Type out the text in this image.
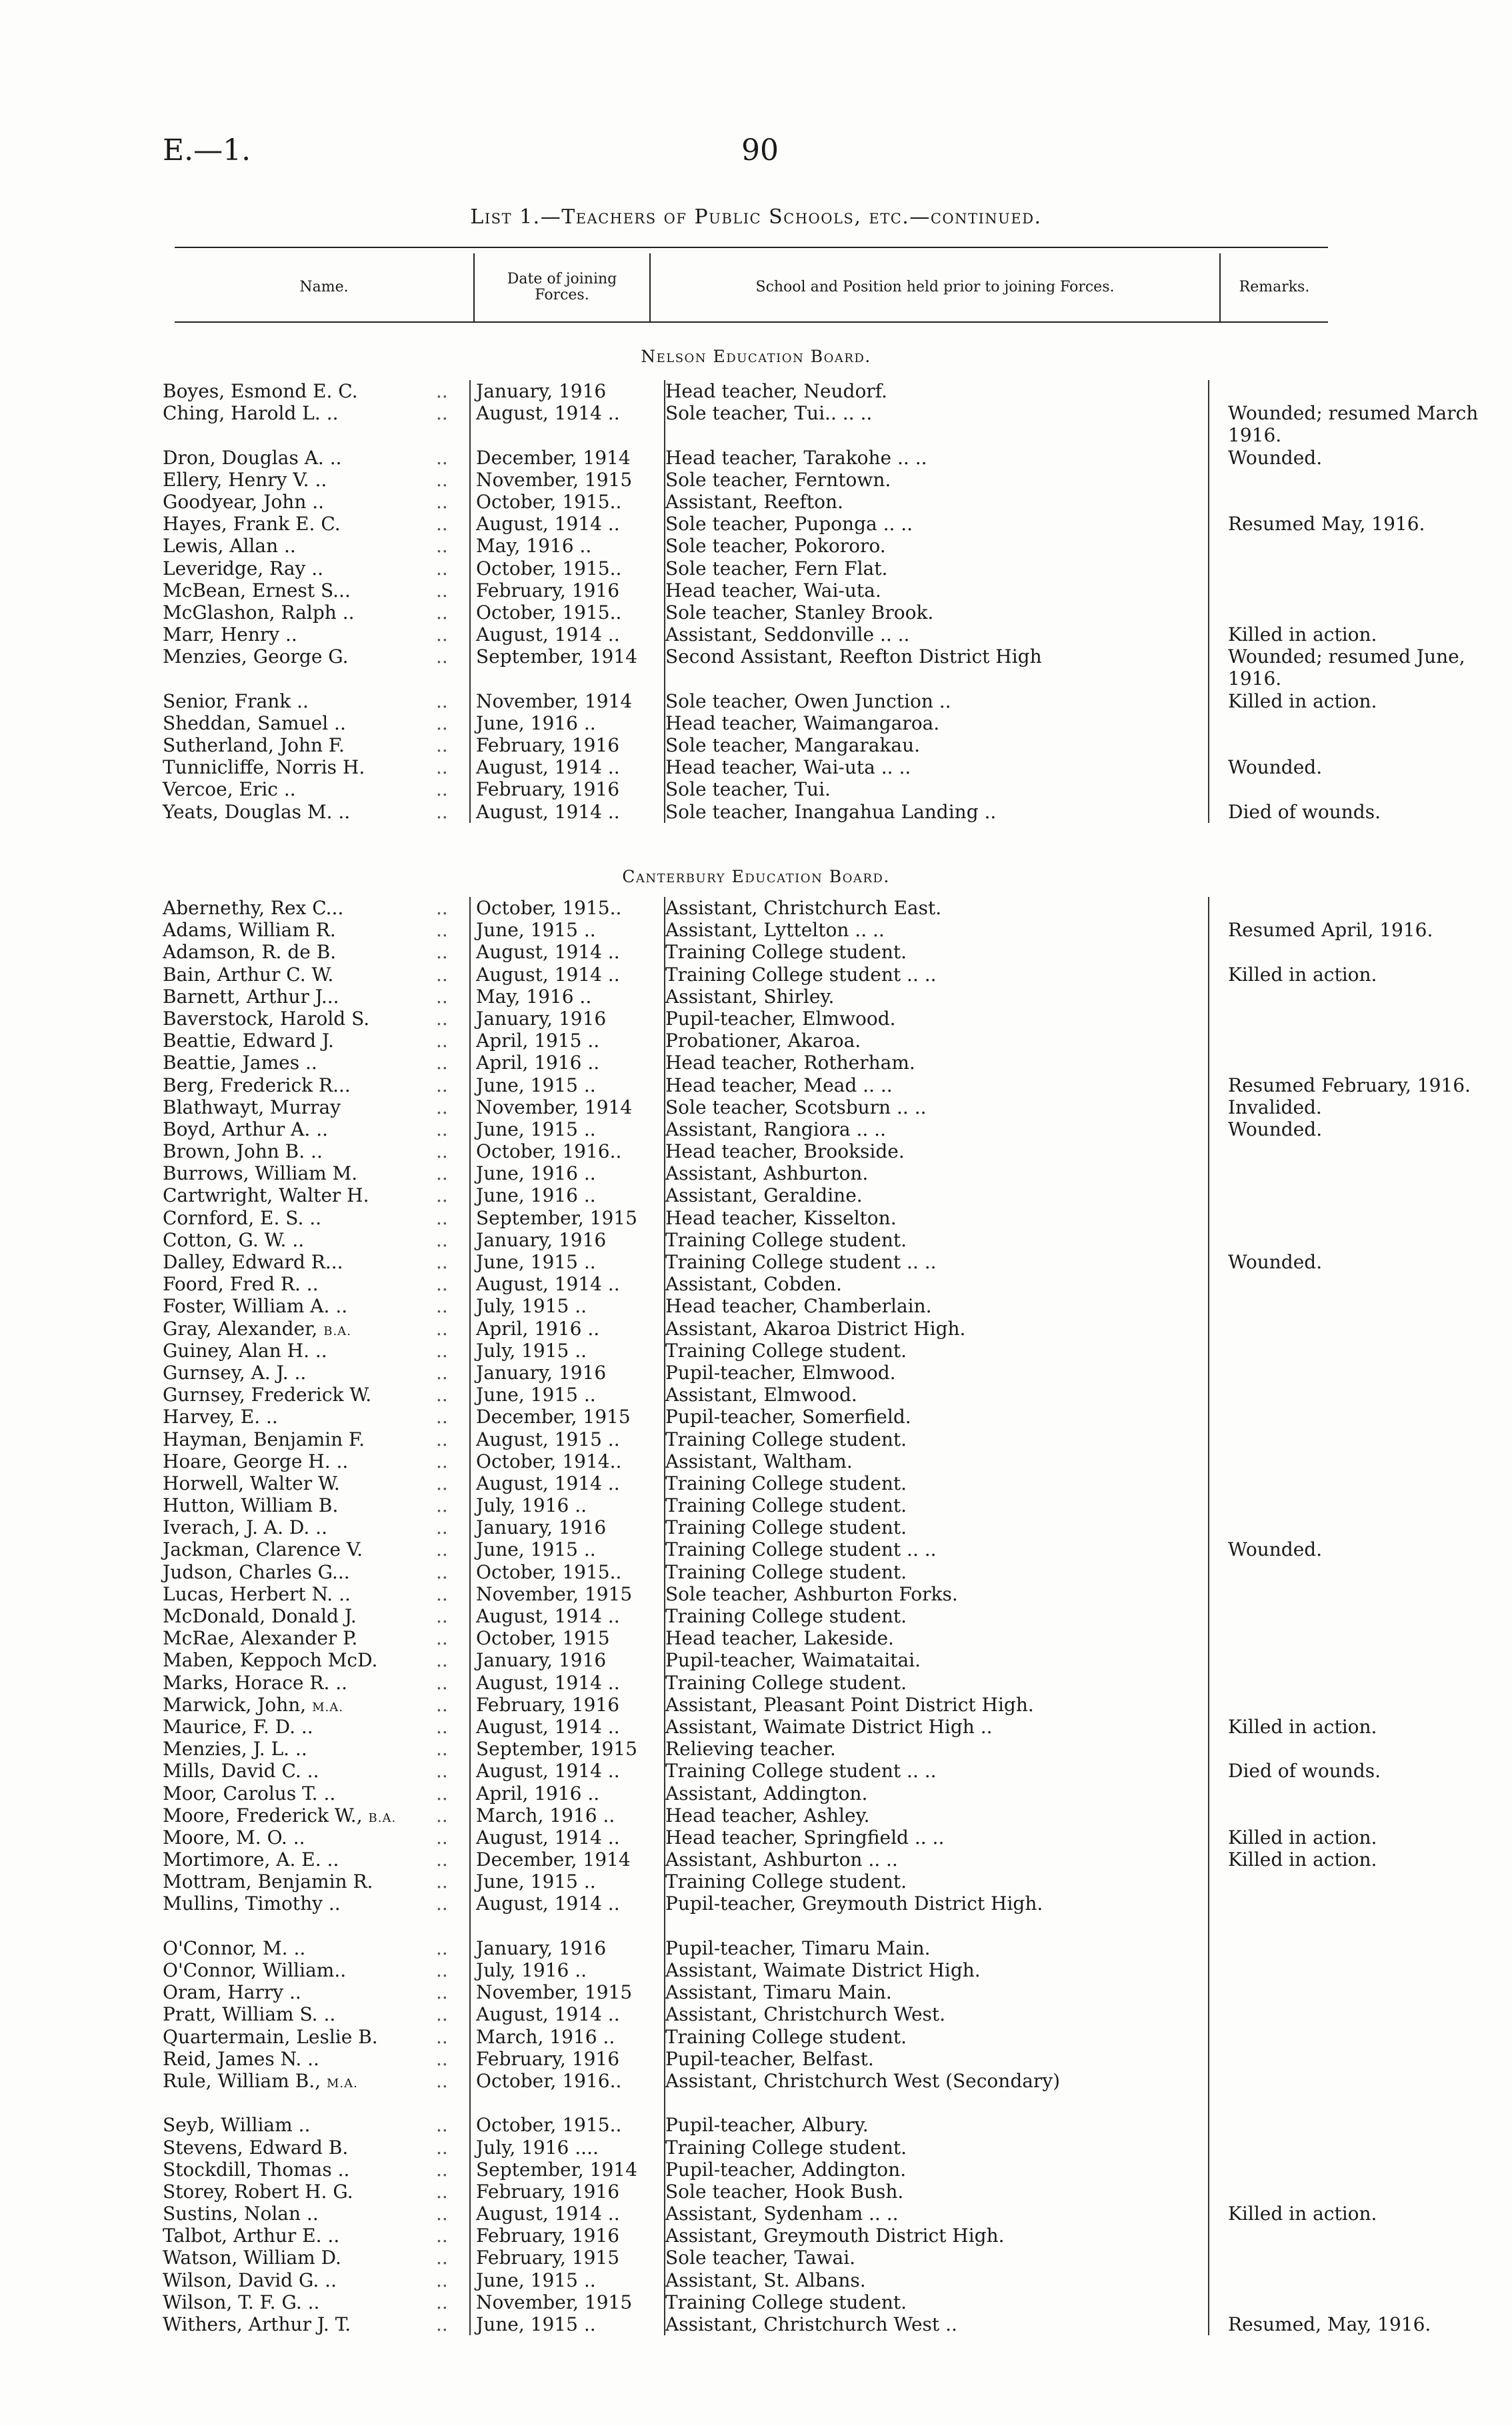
E.—1.	90
List 1.—Teachers of Public Schools, etc.—continued.
Name.	Date of joining Forces.	School and Position held prior to joining Forces.	Remarks.
Nelson Education Board.
Boyes, Esmond E. C.	..	January, 1916	Head teacher, Neudorf.
Ching, Harold L. ..	..	August, 1914 ..	Sole teacher, Tui.. .. ..	Wounded; resumed March 1916.
Dron, Douglas A. ..	..	December, 1914 Head teacher, Tarakohe .. ..	Wounded.
Ellery, Henry V. ..	..	November, 1915 Sole teacher, Ferntown.
Goodyear, John ..	..	October, 1915..	Assistant, Reefton.
Hayes, Frank E. C.	..	August, 1914 ..	Sole teacher, Puponga .. ..	Resumed May, 1916.
Lewis, Allan ..	..	May, 1916 ..	Sole teacher, Pokororo.
Leveridge, Ray ..	..	October, 1915..	Sole teacher, Fern Flat.
McBean, Ernest S...	..	February, 1916	Head teacher, Wai-uta.
McGlashon, Ralph ..	..	October, 1915..	Sole teacher, Stanley Brook.
Marr, Henry ..	..	August, 1914 ..	Assistant, Seddonville .. ..	Killed in action.
Menzies, George G.	..	September, 1914 Second Assistant, Reefton District High	Wounded; resumed June, 1916.
Senior, Frank ..	..	November, 1914 Sole teacher, Owen Junction ..	Killed in action.
Sheddan, Samuel ..	..	June, 1916 ..	Head teacher, Waimangaroa.
Sutherland, John F.	..	February, 1916	Sole teacher, Mangarakau.
Tunnicliffe, Norris H.	..	August, 1914 ..	Head teacher, Wai-uta .. ..	Wounded.
Vercoe, Eric ..	..	February, 1916	Sole teacher, Tui.
Yeats, Douglas M. ..	..	August, 1914 ..	Sole teacher, Inangahua Landing ..	Died of wounds.
Canterbury Education Board.
Abernethy, Rex C...	..	October, 1915..	Assistant, Christchurch East.
Adams, William R.	..	June, 1915 ..	Assistant, Lyttelton .. ..	Resumed April, 1916.
Adamson, R. de B.	..	August, 1914 ..	Training College student.
Bain, Arthur C. W.	..	August, 1914 ..	Training College student .. ..	Killed in action.
Barnett, Arthur J...	..	May, 1916 ..	Assistant, Shirley.
Baverstock, Harold S.	..	January, 1916	Pupil-teacher, Elmwood.
Beattie, Edward J.	..	April, 1915 ..	Probationer, Akaroa.
Beattie, James ..	..	April, 1916 ..	Head teacher, Rotherham.
Berg, Frederick R...	..	June, 1915 ..	Head teacher, Mead .. ..	Resumed February, 1916.
Blathwayt, Murray	..	November, 1914 Sole teacher, Scotsburn .. ..	Invalided.
Boyd, Arthur A. ..	..	June, 1915 ..	Assistant, Rangiora .. ..	Wounded.
Brown, John B. ..	..	October, 1916..	Head teacher, Brookside.
Burrows, William M.	..	June, 1916 ..	Assistant, Ashburton.
Cartwright, Walter H.	..	June, 1916 ..	Assistant, Geraldine.
Cornford, E. S. ..	..	September, 1915 Head teacher, Kisselton.
Cotton, G. W. ..	..	January, 1916	Training College student.
Dalley, Edward R...	..	June, 1915 ..	Training College student .. ..	Wounded.
Foord, Fred R. ..	..	August, 1914 ..	Assistant, Cobden.
Foster, William A. ..	..	July, 1915 ..	Head teacher, Chamberlain.
Gray, Alexander, B.A.	..	April, 1916 ..	Assistant, Akaroa District High.
Guiney, Alan H. ..	..	July, 1915 ..	Training College student.
Gurnsey, A. J. ..	..	January, 1916	Pupil-teacher, Elmwood.
Gurnsey, Frederick W.	..	June, 1915 ..	Assistant, Elmwood.
Harvey, E. ..	..	December, 1915 Pupil-teacher, Somerfield.
Hayman, Benjamin F.	..	August, 1915 ..	Training College student.
Hoare, George H. ..	..	October, 1914..	Assistant, Waltham.
Horwell, Walter W.	..	August, 1914 ..	Training College student.
Hutton, William B.	..	July, 1916 ..	Training College student.
Iverach, J. A. D. ..	..	January, 1916	Training College student.
Jackman, Clarence V.	..	June, 1915 ..	Training College student .. ..	Wounded.
Judson, Charles G...	..	October, 1915..	Training College student.
Lucas, Herbert N. ..	..	November, 1915 Sole teacher, Ashburton Forks.
McDonald, Donald J.	..	August, 1914 ..	Training College student.
McRae, Alexander P.	..	October, 1915	Head teacher, Lakeside.
Maben, Keppoch McD.	..	January, 1916	Pupil-teacher, Waimataitai.
Marks, Horace R. ..	..	August, 1914 ..	Training College student.
Marwick, John, M.A.	..	February, 1916	Assistant, Pleasant Point District High.
Maurice, F. D. ..	..	August, 1914 ..	Assistant, Waimate District High ..	Killed in action.
Menzies, J. L. ..	..	September, 1915 Relieving teacher.
Mills, David C. ..	..	August, 1914 ..	Training College student .. ..	Died of wounds.
Moor, Carolus T. ..	..	April, 1916 ..	Assistant, Addington.
Moore, Frederick W., B.A.	..	March, 1916 ..	Head teacher, Ashley.
Moore, M. O. ..	..	August, 1914 ..	Head teacher, Springfield .. ..	Killed in action.
Mortimore, A. E. ..	..	December, 1914 Assistant, Ashburton .. ..	Killed in action.
Mottram, Benjamin R.	..	June, 1915 ..	Training College student.
Mullins, Timothy ..	..	August, 1914 ..	Pupil-teacher, Greymouth District High.
O'Connor, M. ..	..	January, 1916	Pupil-teacher, Timaru Main.
O'Connor, William..	..	July, 1916 ..	Assistant, Waimate District High.
Oram, Harry ..	..	November, 1915 Assistant, Timaru Main.
Pratt, William S. ..	..	August, 1914 ..	Assistant, Christchurch West.
Quartermain, Leslie B.	..	March, 1916 ..	Training College student.
Reid, James N. ..	..	February, 1916	Pupil-teacher, Belfast.
Rule, William B., M.A.	..	October, 1916..	Assistant, Christchurch West (Secondary)
Seyb, William ..	..	October, 1915..	Pupil-teacher, Albury.
Stevens, Edward B.	..	July, 1916 ....	Training College student.
Stockdill, Thomas ..	..	September, 1914 Pupil-teacher, Addington.
Storey, Robert H. G.	..	February, 1916	Sole teacher, Hook Bush.
Sustins, Nolan ..	..	August, 1914 ..	Assistant, Sydenham .. ..	Killed in action.
Talbot, Arthur E. ..	..	February, 1916	Assistant, Greymouth District High.
Watson, William D.	..	February, 1915	Sole teacher, Tawai.
Wilson, David G. ..	..	June, 1915 ..	Assistant, St. Albans.
Wilson, T. F. G. ..	..	November, 1915 Training College student.
Withers, Arthur J. T.	..	June, 1915 ..	Assistant, Christchurch West ..	Resumed, May, 1916.
